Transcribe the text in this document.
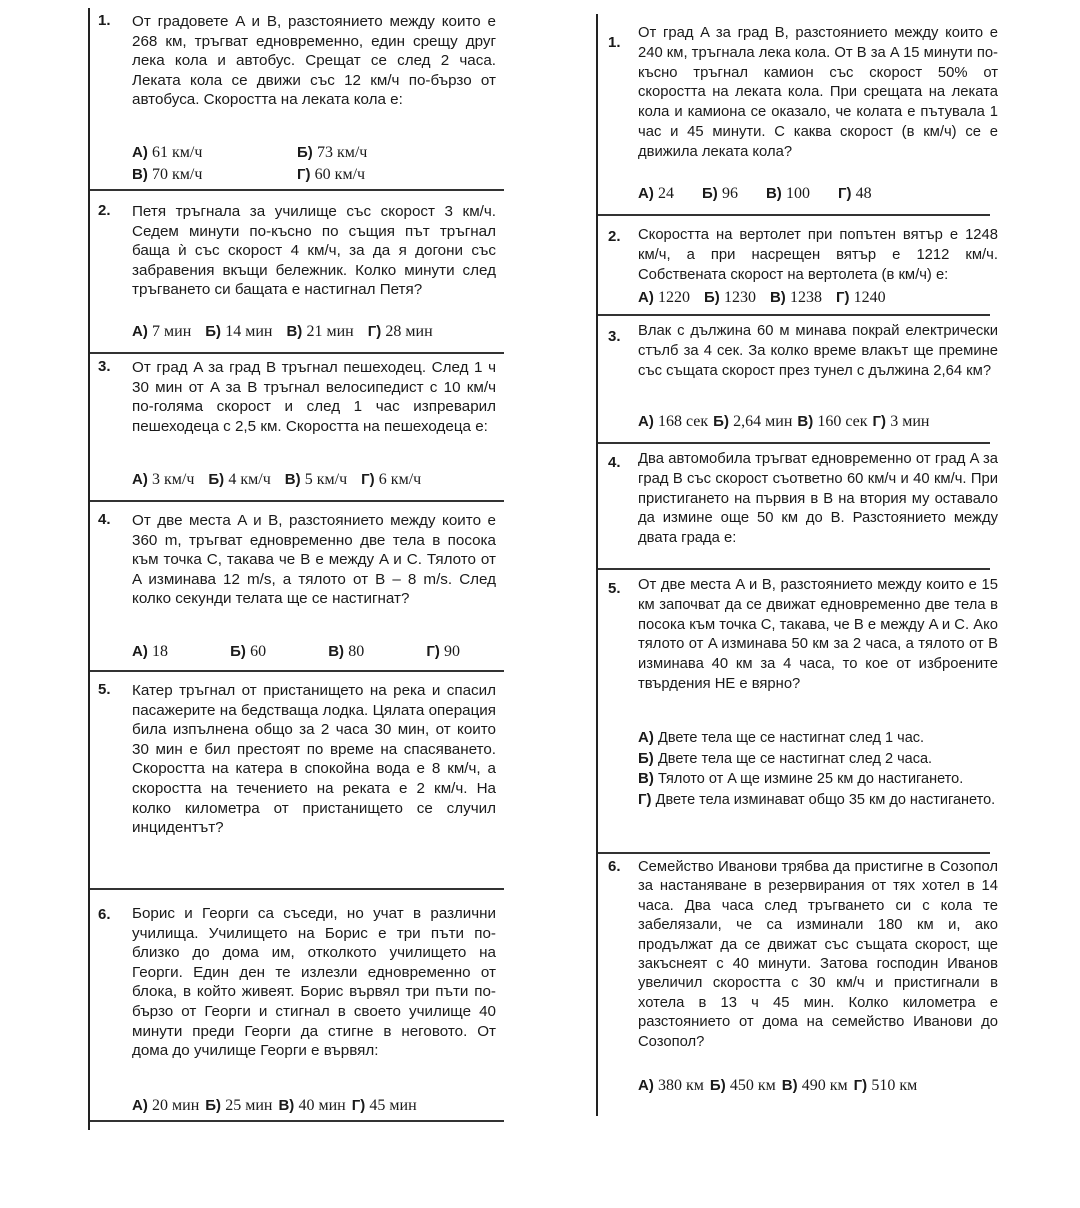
1. От градовете A и B, разстоянието между които е 268 км, тръгват едновременно, един срещу друг лека кола и автобус. Срещат се след 2 часа. Леката кола се движи със 12 км/ч по-бързо от автобуса. Скоростта на леката кола е:
А) 61 км/ч	Б) 73 км/ч
В) 70 км/ч	Г) 60 км/ч
2. Петя тръгнала за училище със скорост 3 км/ч. Седем минути по-късно по същия път тръгнал баща ѝ със скорост 4 км/ч, за да я догони със забравения вкъщи бележник. Колко минути след тръгването си бащата е настигнал Петя?
А) 7 мин Б) 14 мин В) 21 мин Г) 28 мин
3. От град A за град B тръгнал пешеходец. След 1 ч 30 мин от A за B тръгнал велосипедист с 10 км/ч по-голяма скорост и след 1 час изпреварил пешеходеца с 2,5 км. Скоростта на пешеходеца е:
А) 3 км/ч Б) 4 км/ч В) 5 км/ч Г) 6 км/ч
4. От две места A и B, разстоянието между които е 360 m, тръгват едновременно две тела в посока към точка C, такава че B е между A и C. Тялото от A изминава 12 m/s, а тялото от B – 8 m/s. След колко секунди телата ще се настигнат?
А) 18	Б) 60	В) 80	Г) 90
5. Катер тръгнал от пристанището на река и спасил пасажерите на бедстваща лодка. Цялата операция била изпълнена общо за 2 часа 30 мин, от които 30 мин е бил престоят по време на спасяването. Скоростта на катера в спокойна вода е 8 км/ч, а скоростта на течението на реката е 2 км/ч. На колко километра от пристанището се случил инцидентът?
6. Борис и Георги са съседи, но учат в различни училища. Училището на Борис е три пъти по-близко до дома им, отколкото училището на Георги. Един ден те излезли едновременно от блока, в който живеят. Борис вървял три пъти по-бързо от Георги и стигнал в своето училище 40 минути преди Георги да стигне в неговото. От дома до училище Георги е вървял:
А) 20 мин Б) 25 мин В) 40 мин Г) 45 мин
1.
От град A за град B, разстоянието между които е 240 км, тръгнала лека кола. От B за A 15 минути по-късно тръгнал камион със скорост 50% от скоростта на леката кола. При срещата на леката кола и камиона се оказало, че колата е пътувала 1 час и 45 минути. С каква скорост (в км/ч) се е движила леката кола?
А) 24 Б) 96 В) 100 Г) 48
2. Скоростта на вертолет при попътен вятър е 1248 км/ч, а при насрещен вятър е 1212 км/ч. Собствената скорост на вертолета (в км/ч) е:
А) 1220 Б) 1230 В) 1238 Г) 1240
3. Влак с дължина 60 м минава покрай електрически стълб за 4 сек. За колко време влакът ще премине със същата скорост през тунел с дължина 2,64 км?
А) 168 сек Б) 2,64 мин В) 160 сек Г) 3 мин
4. Два автомобила тръгват едновременно от град A за град B със скорост съответно 60 км/ч и 40 км/ч. При пристигането на първия в B на втория му оставало да измине още 50 км до B. Разстоянието между двата града е:
5. От две места A и B, разстоянието между които е 15 км започват да се движат едновременно две тела в посока към точка C, такава, че B е между A и C. Ако тялото от A изминава 50 км за 2 часа, а тялото от B изминава 40 км за 4 часа, то кое от изброените твърдения НЕ е вярно?
А) Двете тела ще се настигнат след 1 час.
Б) Двете тела ще се настигнат след 2 часа.
В) Тялото от A ще измине 25 км до настигането.
Г) Двете тела изминават общо 35 км до настигането.
6. Семейство Иванови трябва да пристигне в Созопол за настаняване в резервирания от тях хотел в 14 часа. Два часа след тръгването си с кола те забелязали, че са изминали 180 км и, ако продължат да се движат със същата скорост, ще закъснеят с 40 минути. Затова господин Иванов увеличил скоростта с 30 км/ч и пристигнали в хотела в 13 ч 45 мин. Колко километра е разстоянието от дома на семейство Иванови до Созопол?
А) 380 км Б) 450 км В) 490 км Г) 510 км
